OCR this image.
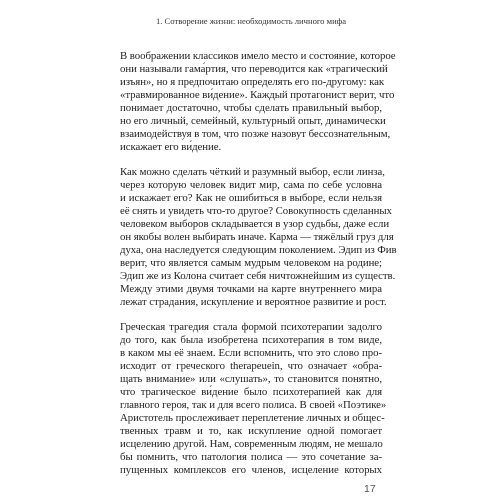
1. Сотворение жизни: необходимость личного мифа
В воображении классиков имело место и состояние, которое
они называли гама́ртия, что переводится как «трагический
изъян», но я предпочитаю определять его по-другому: как
«травмированное ви́дение». Каждый протагонист верит, что
понимает достаточно, чтобы сделать правильный выбор,
но его личный, семейный, культурный опыт, динамически
взаимодействуя в том, что позже назовут бессознательным,
искажает его ви́дение.
Как можно сделать чёткий и разумный выбор, если линза,
через которую человек видит мир, сама по себе условна
и искажает его? Как не ошибиться в выборе, если нельзя
её снять и увидеть что-то другое? Совокупность сделанных
человеком выборов складывается в узор судьбы, даже если
он якобы волен выбирать иначе. Карма — тяжёлый груз для
духа, она наследуется следующим поколением. Эдип из Фив
верит, что является самым мудрым человеком на родине;
Эдип же из Колона считает себя ничтожнейшим из существ.
Между этими двумя точками на карте внутреннего мира
лежат страдания, искупление и вероятное развитие и рост.
Греческая трагедия стала формой психотерапии задолго
до того, как была изобретена психотерапия в том виде,
в каком мы её знаем. Если вспомнить, что это слово про-
исходит от греческого therapeuein, что означает «обра-
щать внимание» или «слушать», то становится понятно,
что трагическое ви́дение было психотерапией как для
главного героя, так и для всего полиса. В своей «Поэтике»
Аристотель прослеживает переплетение личных и общес-
твенных травм и то, как искупление одной помогает
исцелению другой. Нам, современным людям, не мешало
бы помнить, что патология полиса — это сочетание за-
пущенных комплексов его членов, исцеление которых
17
